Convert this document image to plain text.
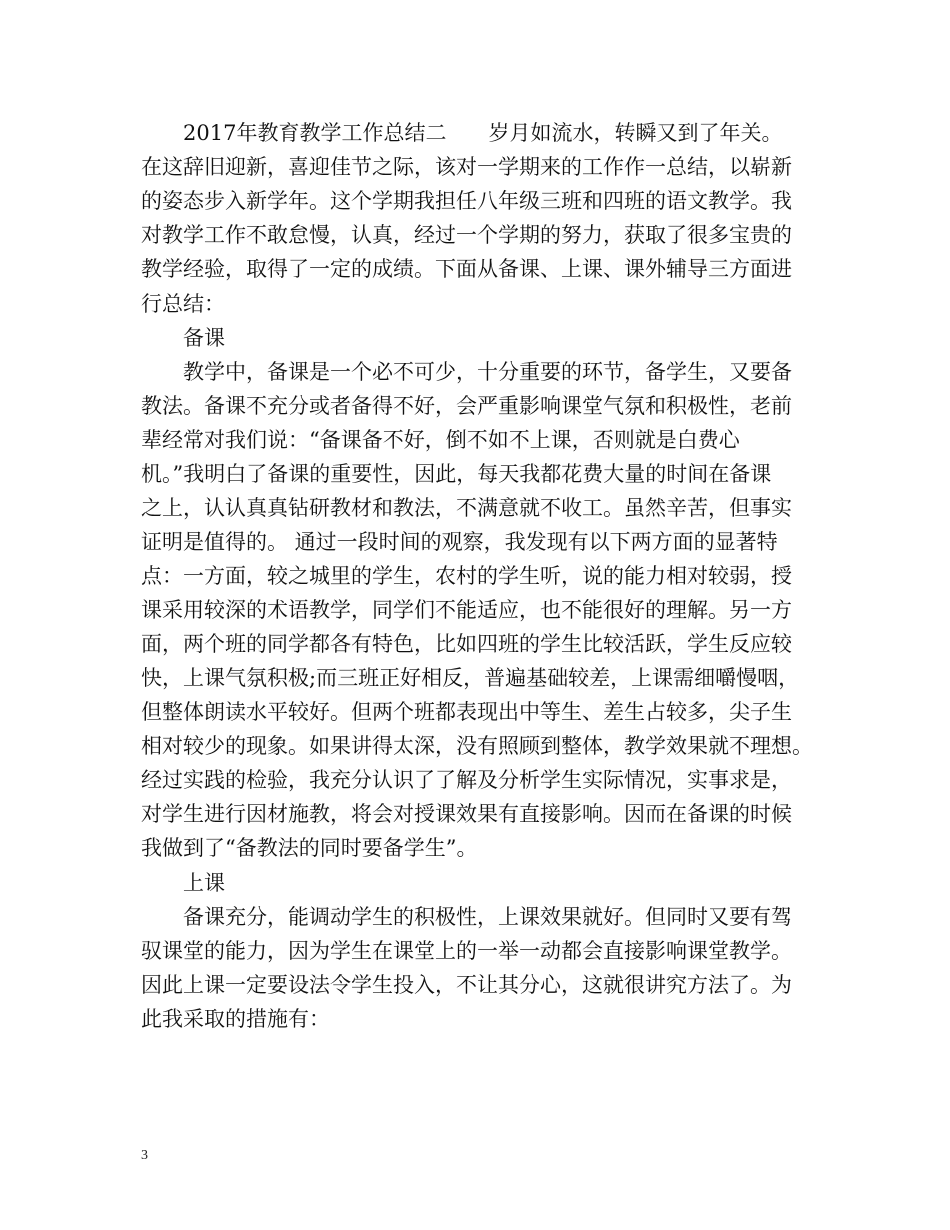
2017年教育教学工作总结二　　岁月如流水，转瞬又到了年关。
在这辞旧迎新，喜迎佳节之际，该对一学期来的工作作一总结，以崭新
的姿态步入新学年。这个学期我担任八年级三班和四班的语文教学。我
对教学工作不敢怠慢，认真，经过一个学期的努力，获取了很多宝贵的
教学经验，取得了一定的成绩。下面从备课、上课、课外辅导三方面进
行总结：
备课
教学中，备课是一个必不可少，十分重要的环节，备学生，又要备
教法。备课不充分或者备得不好，会严重影响课堂气氛和积极性，老前
辈经常对我们说：“备课备不好，倒不如不上课，否则就是白费心
机。”我明白了备课的重要性，因此，每天我都花费大量的时间在备课
之上，认认真真钻研教材和教法，不满意就不收工。虽然辛苦，但事实
证明是值得的。 通过一段时间的观察，我发现有以下两方面的显著特
点：一方面，较之城里的学生，农村的学生听，说的能力相对较弱，授
课采用较深的术语教学，同学们不能适应，也不能很好的理解。另一方
面，两个班的同学都各有特色，比如四班的学生比较活跃，学生反应较
快，上课气氛积极;而三班正好相反，普遍基础较差，上课需细嚼慢咽，
但整体朗读水平较好。但两个班都表现出中等生、差生占较多，尖子生
相对较少的现象。如果讲得太深，没有照顾到整体，教学效果就不理想。
经过实践的检验，我充分认识了了解及分析学生实际情况，实事求是，
对学生进行因材施教，将会对授课效果有直接影响。因而在备课的时候
我做到了“备教法的同时要备学生”。
上课
备课充分，能调动学生的积极性，上课效果就好。但同时又要有驾
驭课堂的能力，因为学生在课堂上的一举一动都会直接影响课堂教学。
因此上课一定要设法令学生投入，不让其分心，这就很讲究方法了。为
此我采取的措施有：
3
